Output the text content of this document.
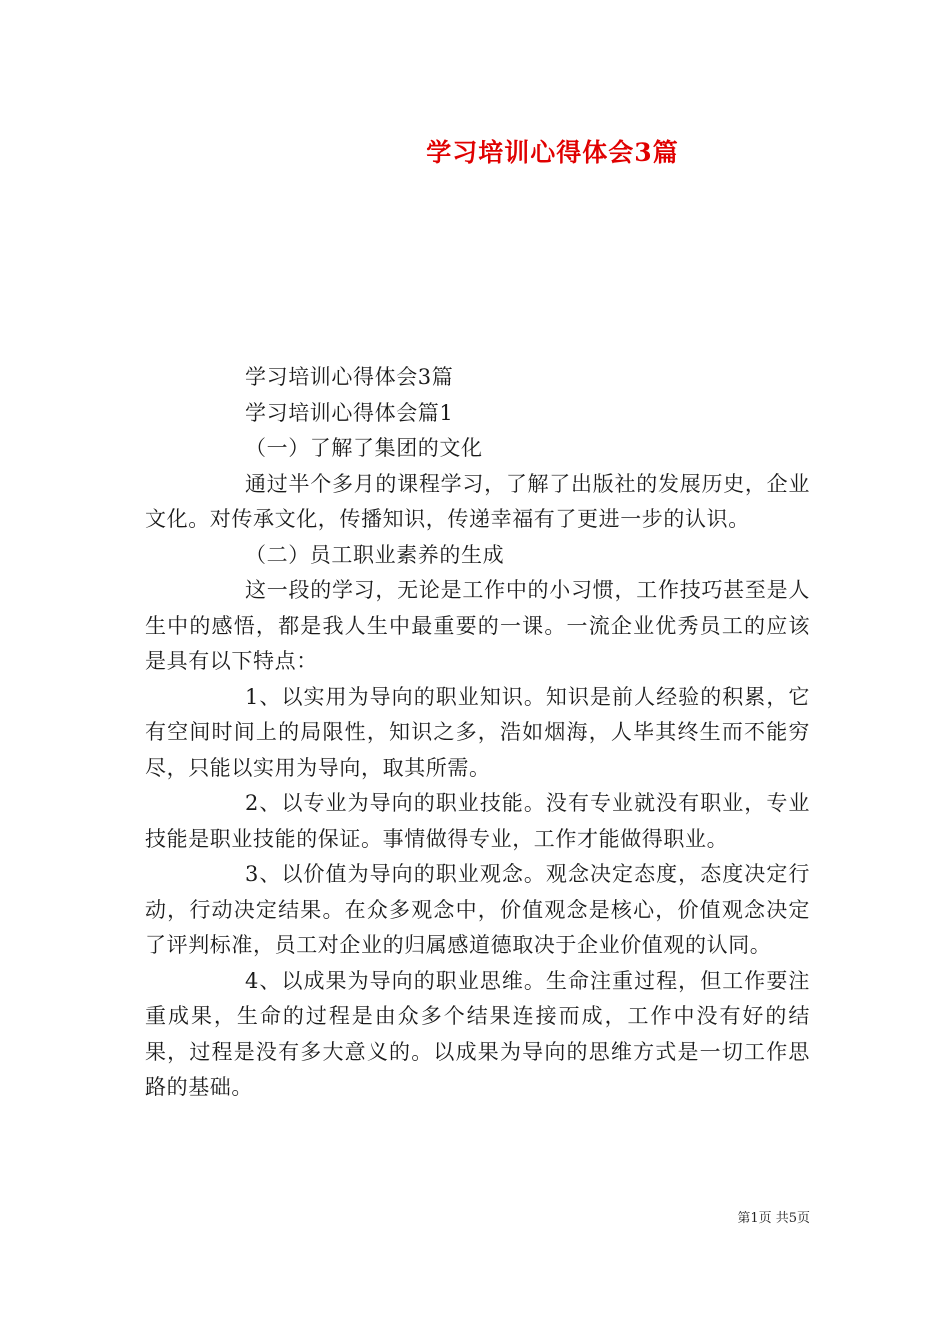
学习培训心得体会3篇

学习培训心得体会3篇

学习培训心得体会篇1

（一）了解了集团的文化

通过半个多月的课程学习，了解了出版社的发展历史，企业文化。对传承文化，传播知识，传递幸福有了更进一步的认识。

（二）员工职业素养的生成

这一段的学习，无论是工作中的小习惯，工作技巧甚至是人生中的感悟，都是我人生中最重要的一课。一流企业优秀员工的应该是具有以下特点：

1、以实用为导向的职业知识。知识是前人经验的积累，它有空间时间上的局限性，知识之多，浩如烟海，人毕其终生而不能穷尽，只能以实用为导向，取其所需。

2、以专业为导向的职业技能。没有专业就没有职业，专业技能是职业技能的保证。事情做得专业，工作才能做得职业。

3、以价值为导向的职业观念。观念决定态度，态度决定行动，行动决定结果。在众多观念中，价值观念是核心，价值观念决定了评判标准，员工对企业的归属感道德取决于企业价值观的认同。

4、以成果为导向的职业思维。生命注重过程，但工作要注重成果，生命的过程是由众多个结果连接而成，工作中没有好的结果，过程是没有多大意义的。以成果为导向的思维方式是一切工作思路的基础。

第1页 共5页
